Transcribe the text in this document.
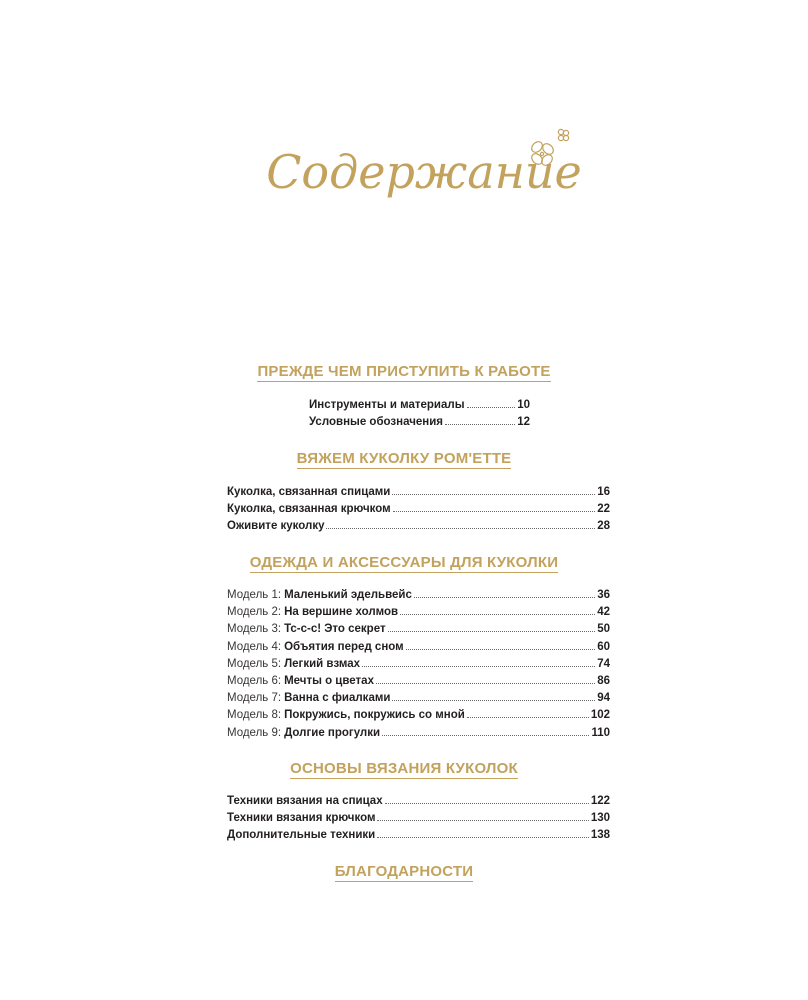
Содержание
ПРЕЖДЕ ЧЕМ ПРИСТУПИТЬ К РАБОТЕ
Инструменты и материалы	10
Условные обозначения	12
ВЯЖЕМ КУКОЛКУ POM'ETTE
Куколка, связанная спицами	16
Куколка, связанная крючком	22
Оживите куколку	28
ОДЕЖДА И АКСЕССУАРЫ ДЛЯ КУКОЛКИ
Модель 1: Маленький эдельвейс	36
Модель 2: На вершине холмов	42
Модель 3: Тс-с-с! Это секрет	50
Модель 4: Объятия перед сном	60
Модель 5: Легкий взмах	74
Модель 6: Мечты о цветах	86
Модель 7: Ванна с фиалками	94
Модель 8: Покружись, покружись со мной	102
Модель 9: Долгие прогулки	110
ОСНОВЫ ВЯЗАНИЯ КУКОЛОК
Техники вязания на спицах	122
Техники вязания крючком	130
Дополнительные техники	138
БЛАГОДАРНОСТИ
